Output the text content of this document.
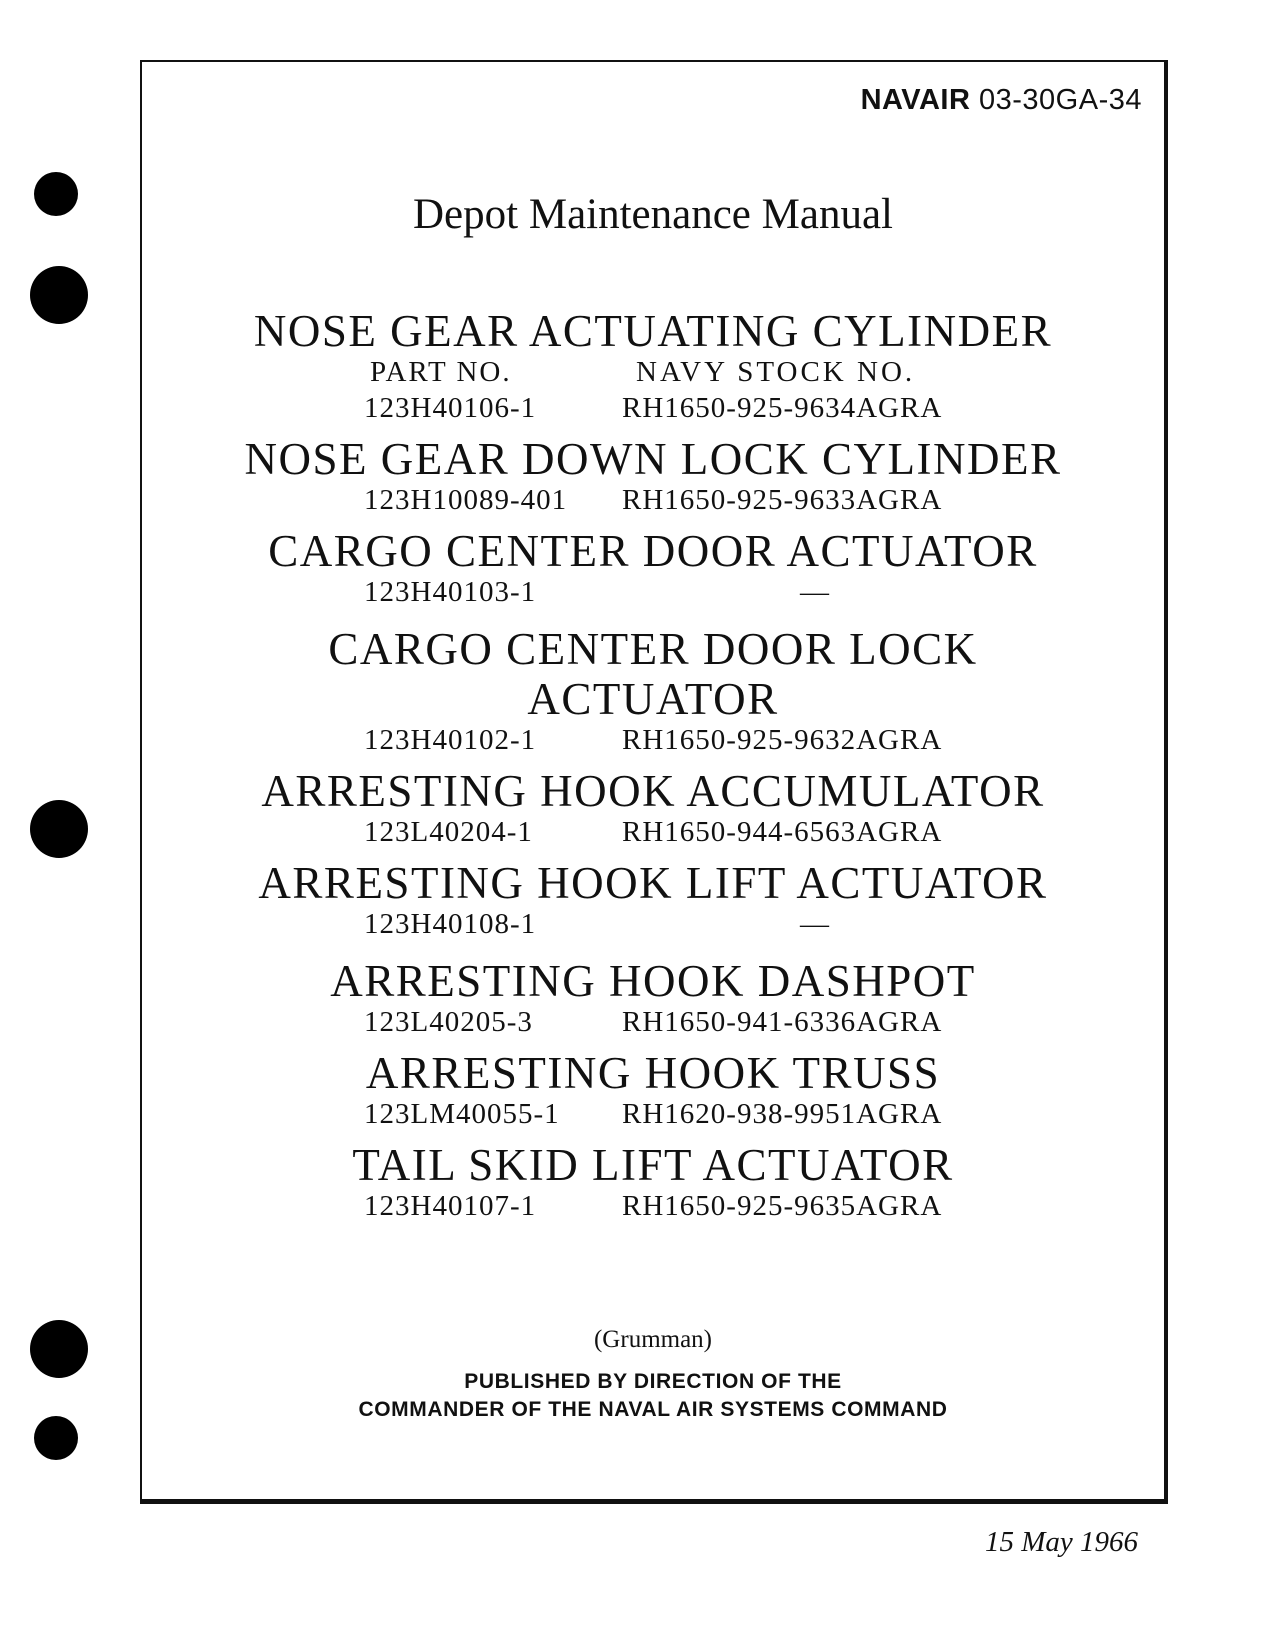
NAVAIR 03-30GA-34
Depot Maintenance Manual
NOSE GEAR ACTUATING CYLINDER
PART NO.	NAVY STOCK NO.
123H40106-1	RH1650-925-9634AGRA
NOSE GEAR DOWN LOCK CYLINDER
123H10089-401 RH1650-925-9633AGRA
CARGO CENTER DOOR ACTUATOR
123H40103-1	—
CARGO CENTER DOOR LOCK
ACTUATOR
123H40102-1	RH1650-925-9632AGRA
ARRESTING HOOK ACCUMULATOR
123L40204-1	RH1650-944-6563AGRA
ARRESTING HOOK LIFT ACTUATOR
123H40108-1	—
ARRESTING HOOK DASHPOT
123L40205-3	RH1650-941-6336AGRA
ARRESTING HOOK TRUSS
123LM40055-1 RH1620-938-9951AGRA
TAIL SKID LIFT ACTUATOR
123H40107-1	RH1650-925-9635AGRA
(Grumman)
PUBLISHED BY DIRECTION OF THE
COMMANDER OF THE NAVAL AIR SYSTEMS COMMAND
15 May 1966
